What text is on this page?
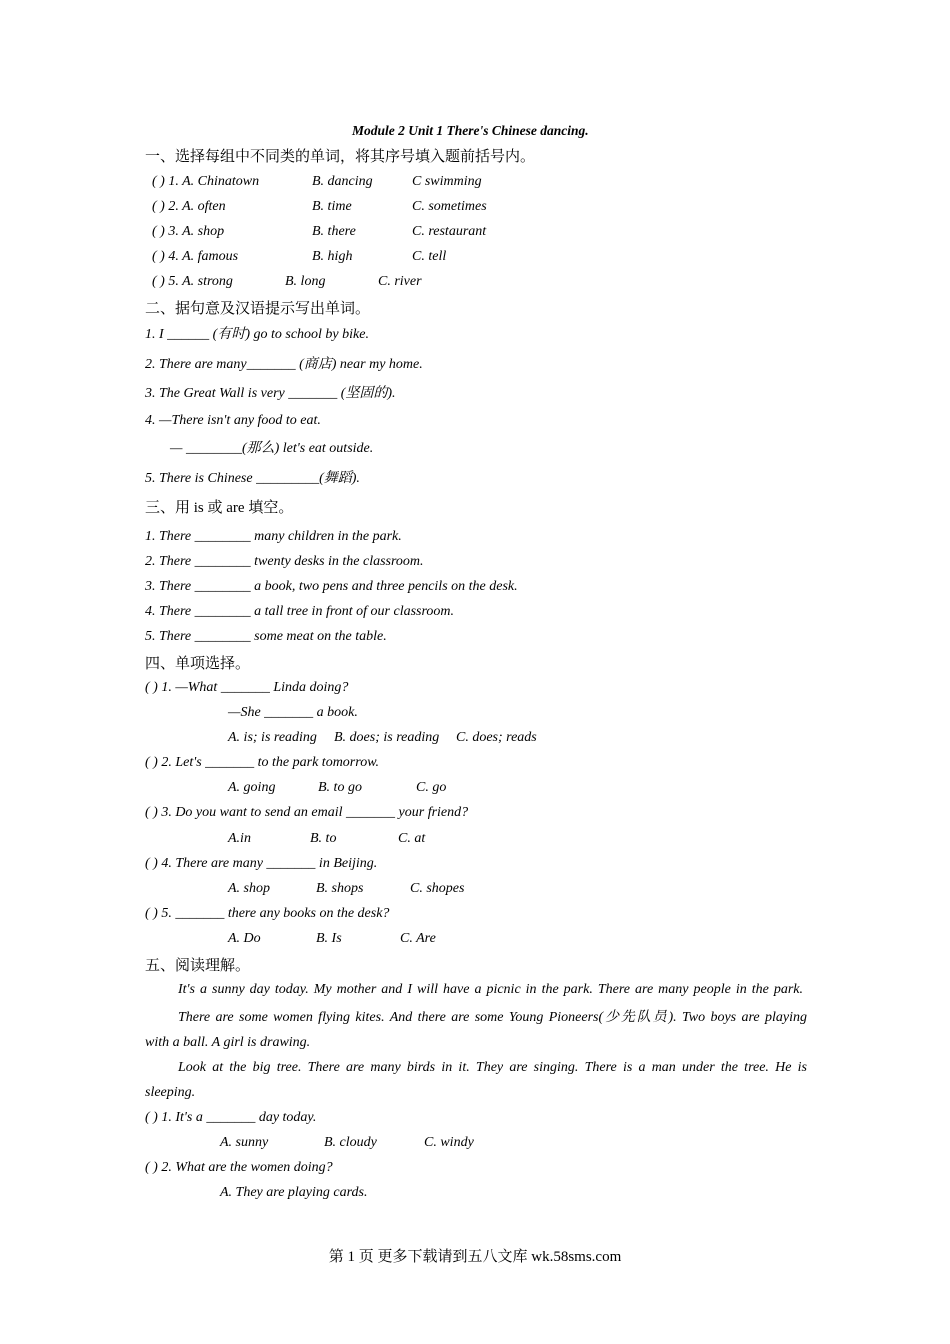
Module 2 Unit 1 There's Chinese dancing.
一、选择每组中不同类的单词，将其序号填入题前括号内。
( ) 1. A. Chinatown	B. dancing	C swimming
( ) 2. A. often	B. time	C. sometimes
( ) 3. A. shop	B. there	C. restaurant
( ) 4. A. famous	B. high	C. tell
( ) 5. A. strong	B. long	C. river
二、据句意及汉语提示写出单词。
1. I ______ (有时) go to school by bike.
2. There are many_______ (商店) near my home.
3. The Great Wall is very _______ (坚固的).
4. —There isn't any food to eat.
— ________(那么) let's eat outside.
5. There is Chinese _________(舞蹈).
三、用 is 或 are 填空。
1. There ________ many children in the park.
2. There ________ twenty desks in the classroom.
3. There ________ a book, two pens and three pencils on the desk.
4. There ________ a tall tree in front of our classroom.
5. There ________ some meat on the table.
四、单项选择。
( ) 1. —What _______ Linda doing?
—She _______ a book.
A. is; is reading B. does; is reading C. does; reads
( ) 2. Let's _______ to the park tomorrow.
A. going	B. to go	C. go
( ) 3. Do you want to send an email _______ your friend?
A.in	B. to	C. at
( ) 4. There are many _______ in Beijing.
A. shop	B. shops	C. shopes
( ) 5. _______ there any books on the desk?
A. Do	B. Is	C. Are
五、阅读理解。
It's a sunny day today. My mother and I will have a picnic in the park. There are many people in the park.
There are some women flying kites. And there are some Young Pioneers(少先队员). Two boys are playing
with a ball. A girl is drawing.
Look at the big tree. There are many birds in it. They are singing. There is a man under the tree. He is
sleeping.
( ) 1. It's a _______ day today.
A. sunny	B. cloudy	C. windy
( ) 2. What are the women doing?
A. They are playing cards.
第 1 页 更多下载请到五八文库 wk.58sms.com
